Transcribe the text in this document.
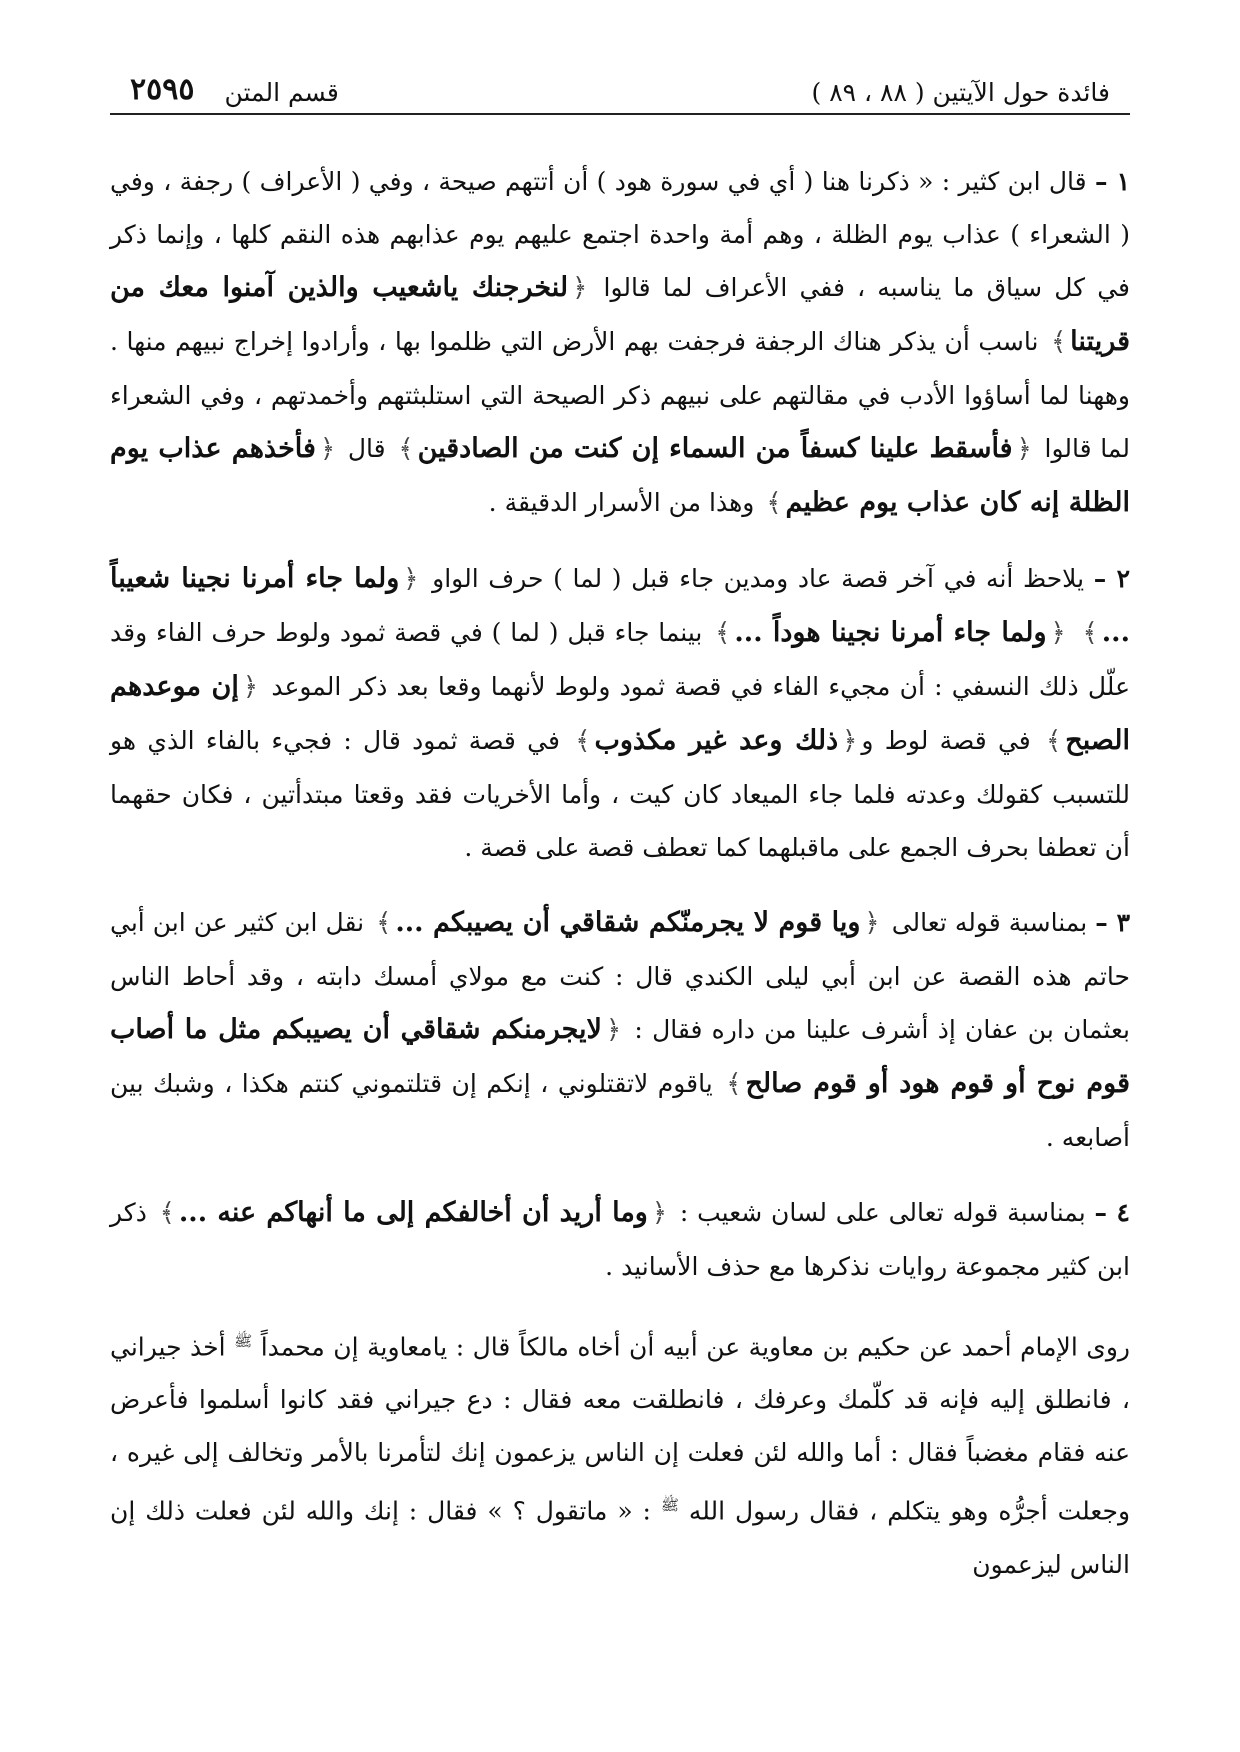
فائدة حول الآيتين ( ٨٨ ، ٨٩ )
٢٥٩٥ قسم المتن

١ – قال ابن كثير : « ذكرنا هنا ( أي في سورة هود ) أن أتتهم صيحة ، وفي ( الأعراف ) رجفة ، وفي ( الشعراء ) عذاب يوم الظلة ، وهم أمة واحدة اجتمع عليهم يوم عذابهم هذه النقم كلها ، وإنما ذكر في كل سياق ما يناسبه ، ففي الأعراف لما قالوا ﴿لنخرجنك ياشعيب والذين آمنوا معك من قريتنا﴾ ناسب أن يذكر هناك الرجفة فرجفت بهم الأرض التي ظلموا بها ، وأرادوا إخراج نبيهم منها . وههنا لما أساؤوا الأدب في مقالتهم على نبيهم ذكر الصيحة التي استلبثتهم وأخمدتهم ، وفي الشعراء لما قالوا ﴿فأسقط علينا كسفاً من السماء إن كنت من الصادقين﴾ قال ﴿فأخذهم عذاب يوم الظلة إنه كان عذاب يوم عظيم﴾ وهذا من الأسرار الدقيقة .

٢ – يلاحظ أنه في آخر قصة عاد ومدين جاء قبل ( لما ) حرف الواو ﴿ولما جاء أمرنا نجينا شعيباً ...﴾ ﴿ولما جاء أمرنا نجينا هوداً ...﴾ بينما جاء قبل ( لما ) في قصة ثمود ولوط حرف الفاء وقد علّل ذلك النسفي : أن مجيء الفاء في قصة ثمود ولوط لأنهما وقعا بعد ذكر الموعد ﴿إن موعدهم الصبح﴾ في قصة لوط و﴿ذلك وعد غير مكذوب﴾ في قصة ثمود قال : فجيء بالفاء الذي هو للتسبب كقولك وعدته فلما جاء الميعاد كان كيت ، وأما الأخريات فقد وقعتا مبتدأتين ، فكان حقهما أن تعطفا بحرف الجمع على ماقبلهما كما تعطف قصة على قصة .

٣ – بمناسبة قوله تعالى ﴿ويا قوم لا يجرمنّكم شقاقي أن يصيبكم ...﴾ نقل ابن كثير عن ابن أبي حاتم هذه القصة عن ابن أبي ليلى الكندي قال : كنت مع مولاي أمسك دابته ، وقد أحاط الناس بعثمان بن عفان إذ أشرف علينا من داره فقال : ﴿لايجرمنكم شقاقي أن يصيبكم مثل ما أصاب قوم نوح أو قوم هود أو قوم صالح﴾ ياقوم لاتقتلوني ، إنكم إن قتلتموني كنتم هكذا ، وشبك بين أصابعه .

٤ – بمناسبة قوله تعالى على لسان شعيب : ﴿وما أريد أن أخالفكم إلى ما أنهاكم عنه ...﴾ ذكر ابن كثير مجموعة روايات نذكرها مع حذف الأسانيد .

روى الإمام أحمد عن حكيم بن معاوية عن أبيه أن أخاه مالكاً قال : يامعاوية إن محمداً $^ﷺ$ أخذ جيراني ، فانطلق إليه فإنه قد كلّمك وعرفك ، فانطلقت معه فقال : دع جيراني فقد كانوا أسلموا فأعرض عنه فقام مغضباً فقال : أما والله لئن فعلت إن الناس يزعمون إنك لتأمرنا بالأمر وتخالف إلى غيره ، وجعلت أجرُّه وهو يتكلم ، فقال رسول الله $^ﷺ$ : « ماتقول ؟ » فقال : إنك والله لئن فعلت ذلك إن الناس ليزعمون
